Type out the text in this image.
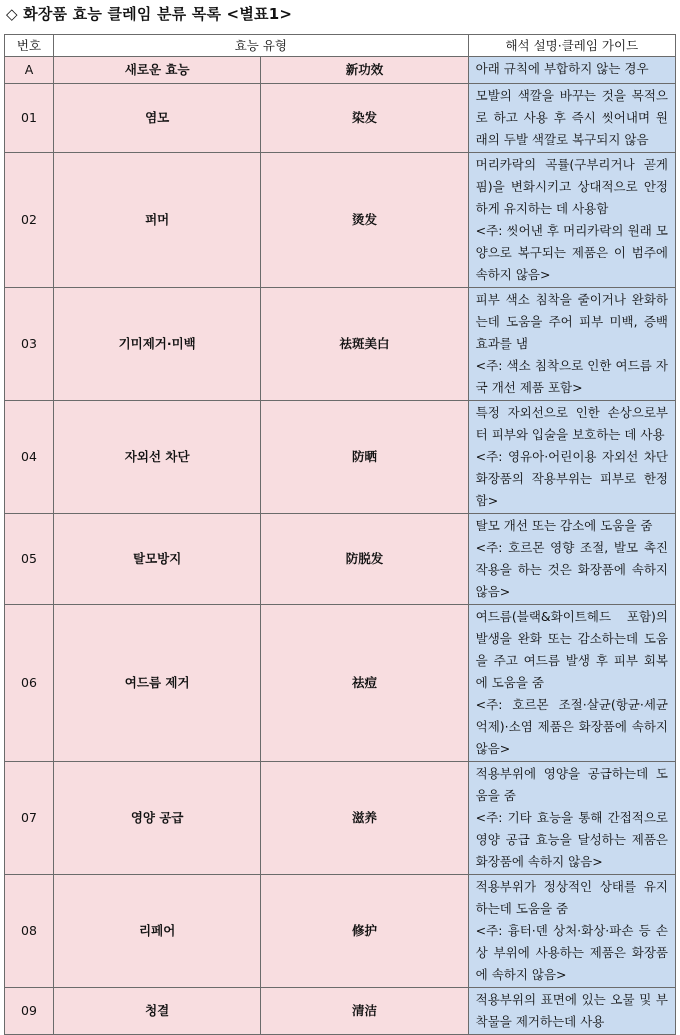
◇ 화장품 효능 클레임 분류 목록 <별표1>
번호	효능 유형		해석 설명·클레임 가이드
A	새로운 효능	新功效	아래 규칙에 부합하지 않는 경우

01	염모	染发	모발의 색깔을 바꾸는 것을 목적으로 하고 사용 후 즉시 씻어내며 원래의 두발 색깔로 복구되지 않음

02	퍼머	烫发	머리카락의 곡률(구부리거나 곧게 핌)을 변화시키고 상대적으로 안정하게 유지하는 데 사용함
<주: 씻어낸 후 머리카락의 원래 모양으로 복구되는 제품은 이 범주에 속하지 않음>

03	기미제거·미백	祛斑美白	피부 색소 침착을 줄이거나 완화하는데 도움을 주어 피부 미백, 증백 효과를 냄
<주: 색소 침착으로 인한 여드름 자국 개선 제품 포함>

04	자외선 차단	防晒	특정 자외선으로 인한 손상으로부터 피부와 입술을 보호하는 데 사용
<주: 영유아·어린이용 자외선 차단 화장품의 작용부위는 피부로 한정함>

05	탈모방지	防脱发	탈모 개선 또는 감소에 도움을 줌
<주: 호르몬 영향 조절, 발모 촉진 작용을 하는 것은 화장품에 속하지 않음>

06	여드름 제거	祛痘	여드름(블랙&화이트헤드 포함)의 발생을 완화 또는 감소하는데 도움을 주고 여드름 발생 후 피부 회복에 도움을 줌
<주: 호르몬 조절·살균(항균·세균 억제)·소염 제품은 화장품에 속하지 않음>

07	영양 공급	滋养	적용부위에 영양을 공급하는데 도움을 줌
<주: 기타 효능을 통해 간접적으로 영양 공급 효능을 달성하는 제품은 화장품에 속하지 않음>

08	리페어	修护	적용부위가 정상적인 상태를 유지하는데 도움을 줌
<주: 흉터·덴 상처·화상·파손 등 손상 부위에 사용하는 제품은 화장품에 속하지 않음>

09	청결	清洁	적용부위의 표면에 있는 오물 및 부착물을 제거하는데 사용
